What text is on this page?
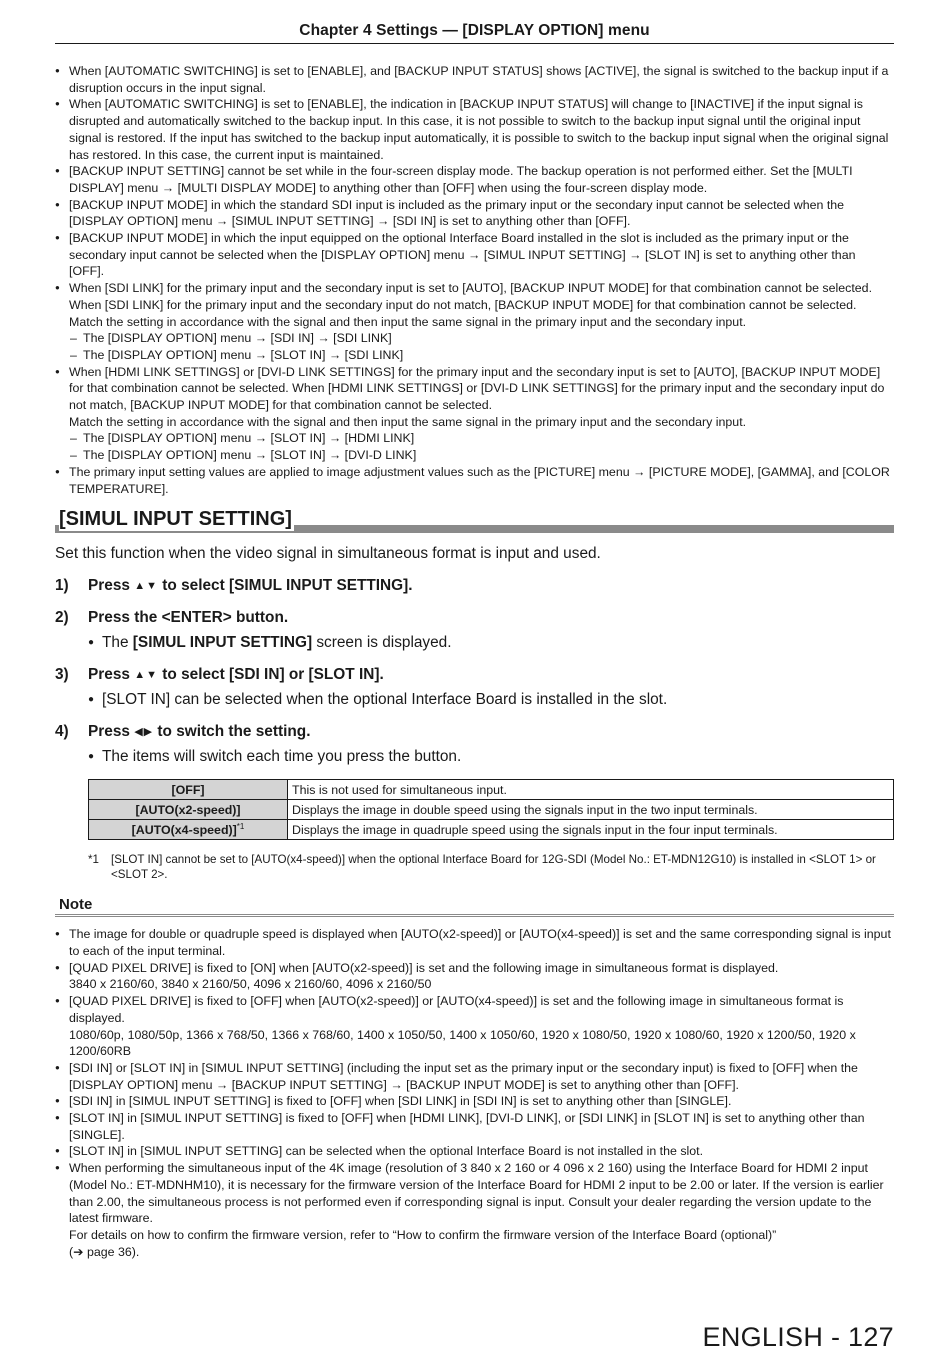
Chapter 4 Settings — [DISPLAY OPTION] menu
● When [AUTOMATIC SWITCHING] is set to [ENABLE], and [BACKUP INPUT STATUS] shows [ACTIVE], the signal is switched to the backup input if a disruption occurs in the input signal.
● When [AUTOMATIC SWITCHING] is set to [ENABLE], the indication in [BACKUP INPUT STATUS] will change to [INACTIVE] if the input signal is disrupted and automatically switched to the backup input. In this case, it is not possible to switch to the backup input signal until the original input signal is restored. If the input has switched to the backup input automatically, it is possible to switch to the backup input signal when the original signal has restored. In this case, the current input is maintained.
● [BACKUP INPUT SETTING] cannot be set while in the four-screen display mode. The backup operation is not performed either. Set the [MULTI DISPLAY] menu → [MULTI DISPLAY MODE] to anything other than [OFF] when using the four-screen display mode.
● [BACKUP INPUT MODE] in which the standard SDI input is included as the primary input or the secondary input cannot be selected when the [DISPLAY OPTION] menu → [SIMUL INPUT SETTING] → [SDI IN] is set to anything other than [OFF].
● [BACKUP INPUT MODE] in which the input equipped on the optional Interface Board installed in the slot is included as the primary input or the secondary input cannot be selected when the [DISPLAY OPTION] menu → [SIMUL INPUT SETTING] → [SLOT IN] is set to anything other than [OFF].
● When [SDI LINK] for the primary input and the secondary input is set to [AUTO], [BACKUP INPUT MODE] for that combination cannot be selected. When [SDI LINK] for the primary input and the secondary input do not match, [BACKUP INPUT MODE] for that combination cannot be selected.
Match the setting in accordance with the signal and then input the same signal in the primary input and the secondary input.
– The [DISPLAY OPTION] menu → [SDI IN] → [SDI LINK]
– The [DISPLAY OPTION] menu → [SLOT IN] → [SDI LINK]
● When [HDMI LINK SETTINGS] or [DVI-D LINK SETTINGS] for the primary input and the secondary input is set to [AUTO], [BACKUP INPUT MODE] for that combination cannot be selected. When [HDMI LINK SETTINGS] or [DVI-D LINK SETTINGS] for the primary input and the secondary input do not match, [BACKUP INPUT MODE] for that combination cannot be selected.
Match the setting in accordance with the signal and then input the same signal in the primary input and the secondary input.
– The [DISPLAY OPTION] menu → [SLOT IN] → [HDMI LINK]
– The [DISPLAY OPTION] menu → [SLOT IN] → [DVI-D LINK]
● The primary input setting values are applied to image adjustment values such as the [PICTURE] menu → [PICTURE MODE], [GAMMA], and [COLOR TEMPERATURE].
[SIMUL INPUT SETTING]
Set this function when the video signal in simultaneous format is input and used.
1) Press ▲▼ to select [SIMUL INPUT SETTING].
2) Press the <ENTER> button.
● The [SIMUL INPUT SETTING] screen is displayed.
3) Press ▲▼ to select [SDI IN] or [SLOT IN].
● [SLOT IN] can be selected when the optional Interface Board is installed in the slot.
4) Press ◀▶ to switch the setting.
● The items will switch each time you press the button.
[OFF]	This is not used for simultaneous input.
[AUTO(x2-speed)]	Displays the image in double speed using the signals input in the two input terminals.
[AUTO(x4-speed)]$^{*1}$	Displays the image in quadruple speed using the signals input in the four input terminals.
*1 [SLOT IN] cannot be set to [AUTO(x4-speed)] when the optional Interface Board for 12G-SDI (Model No.: ET-MDN12G10) is installed in <SLOT 1> or <SLOT 2>.
Note
● The image for double or quadruple speed is displayed when [AUTO(x2-speed)] or [AUTO(x4-speed)] is set and the same corresponding signal is input to each of the input terminal.
● [QUAD PIXEL DRIVE] is fixed to [ON] when [AUTO(x2-speed)] is set and the following image in simultaneous format is displayed.
3840 x 2160/60, 3840 x 2160/50, 4096 x 2160/60, 4096 x 2160/50
● [QUAD PIXEL DRIVE] is fixed to [OFF] when [AUTO(x2-speed)] or [AUTO(x4-speed)] is set and the following image in simultaneous format is displayed.
1080/60p, 1080/50p, 1366 x 768/50, 1366 x 768/60, 1400 x 1050/50, 1400 x 1050/60, 1920 x 1080/50, 1920 x 1080/60, 1920 x 1200/50, 1920 x 1200/60RB
● [SDI IN] or [SLOT IN] in [SIMUL INPUT SETTING] (including the input set as the primary input or the secondary input) is fixed to [OFF] when the [DISPLAY OPTION] menu → [BACKUP INPUT SETTING] → [BACKUP INPUT MODE] is set to anything other than [OFF].
● [SDI IN] in [SIMUL INPUT SETTING] is fixed to [OFF] when [SDI LINK] in [SDI IN] is set to anything other than [SINGLE].
● [SLOT IN] in [SIMUL INPUT SETTING] is fixed to [OFF] when [HDMI LINK], [DVI-D LINK], or [SDI LINK] in [SLOT IN] is set to anything other than [SINGLE].
● [SLOT IN] in [SIMUL INPUT SETTING] can be selected when the optional Interface Board is not installed in the slot.
● When performing the simultaneous input of the 4K image (resolution of 3 840 x 2 160 or 4 096 x 2 160) using the Interface Board for HDMI 2 input (Model No.: ET-MDNHM10), it is necessary for the firmware version of the Interface Board for HDMI 2 input to be 2.00 or later. If the version is earlier than 2.00, the simultaneous process is not performed even if corresponding signal is input. Consult your dealer regarding the version update to the latest firmware.
For details on how to confirm the firmware version, refer to “How to confirm the firmware version of the Interface Board (optional)”
(➔ page 36).
ENGLISH - 127
